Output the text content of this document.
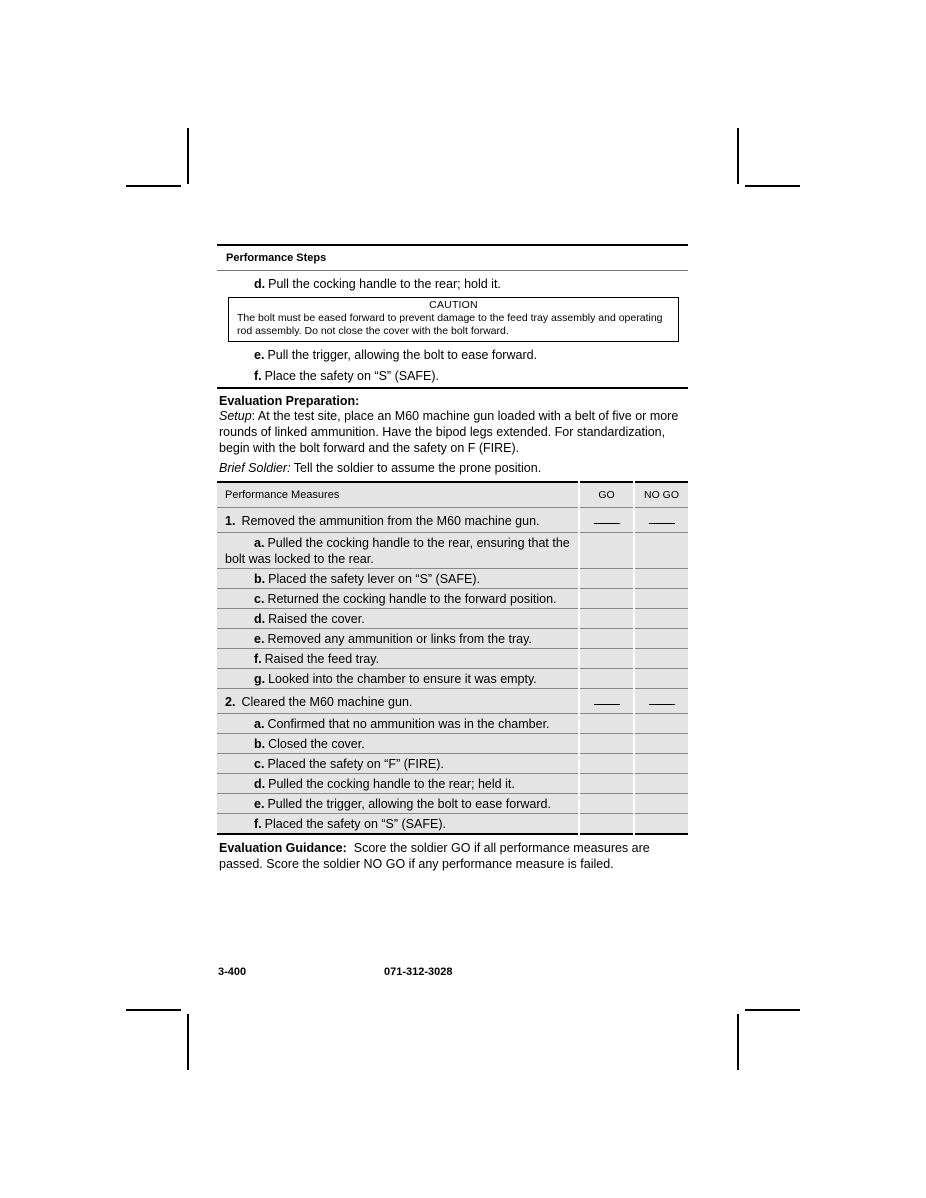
Performance Steps
d. Pull the cocking handle to the rear; hold it.
CAUTION
The bolt must be eased forward to prevent damage to the feed tray assembly and operating rod assembly. Do not close the cover with the bolt forward.
e. Pull the trigger, allowing the bolt to ease forward.
f. Place the safety on “S” (SAFE).
Evaluation Preparation:
Setup: At the test site, place an M60 machine gun loaded with a belt of five or more rounds of linked ammunition. Have the bipod legs extended. For standardization, begin with the bolt forward and the safety on F (FIRE).
Brief Soldier: Tell the soldier to assume the prone position.
Performance Measures	GO	NO GO
1. Removed the ammunition from the M60 machine gun.		
a. Pulled the cocking handle to the rear, ensuring that the bolt was locked to the rear.		
b. Placed the safety lever on “S” (SAFE).		
c. Returned the cocking handle to the forward position.		
d. Raised the cover.		
e. Removed any ammunition or links from the tray.		
f. Raised the feed tray.		
g. Looked into the chamber to ensure it was empty.		
2. Cleared the M60 machine gun.		
a. Confirmed that no ammunition was in the chamber.		
b. Closed the cover.		
c. Placed the safety on “F” (FIRE).		
d. Pulled the cocking handle to the rear; held it.		
e. Pulled the trigger, allowing the bolt to ease forward.		
f. Placed the safety on “S” (SAFE).		
Evaluation Guidance:  Score the soldier GO if all performance measures are passed. Score the soldier NO GO if any performance measure is failed.
3-400	071-312-3028
